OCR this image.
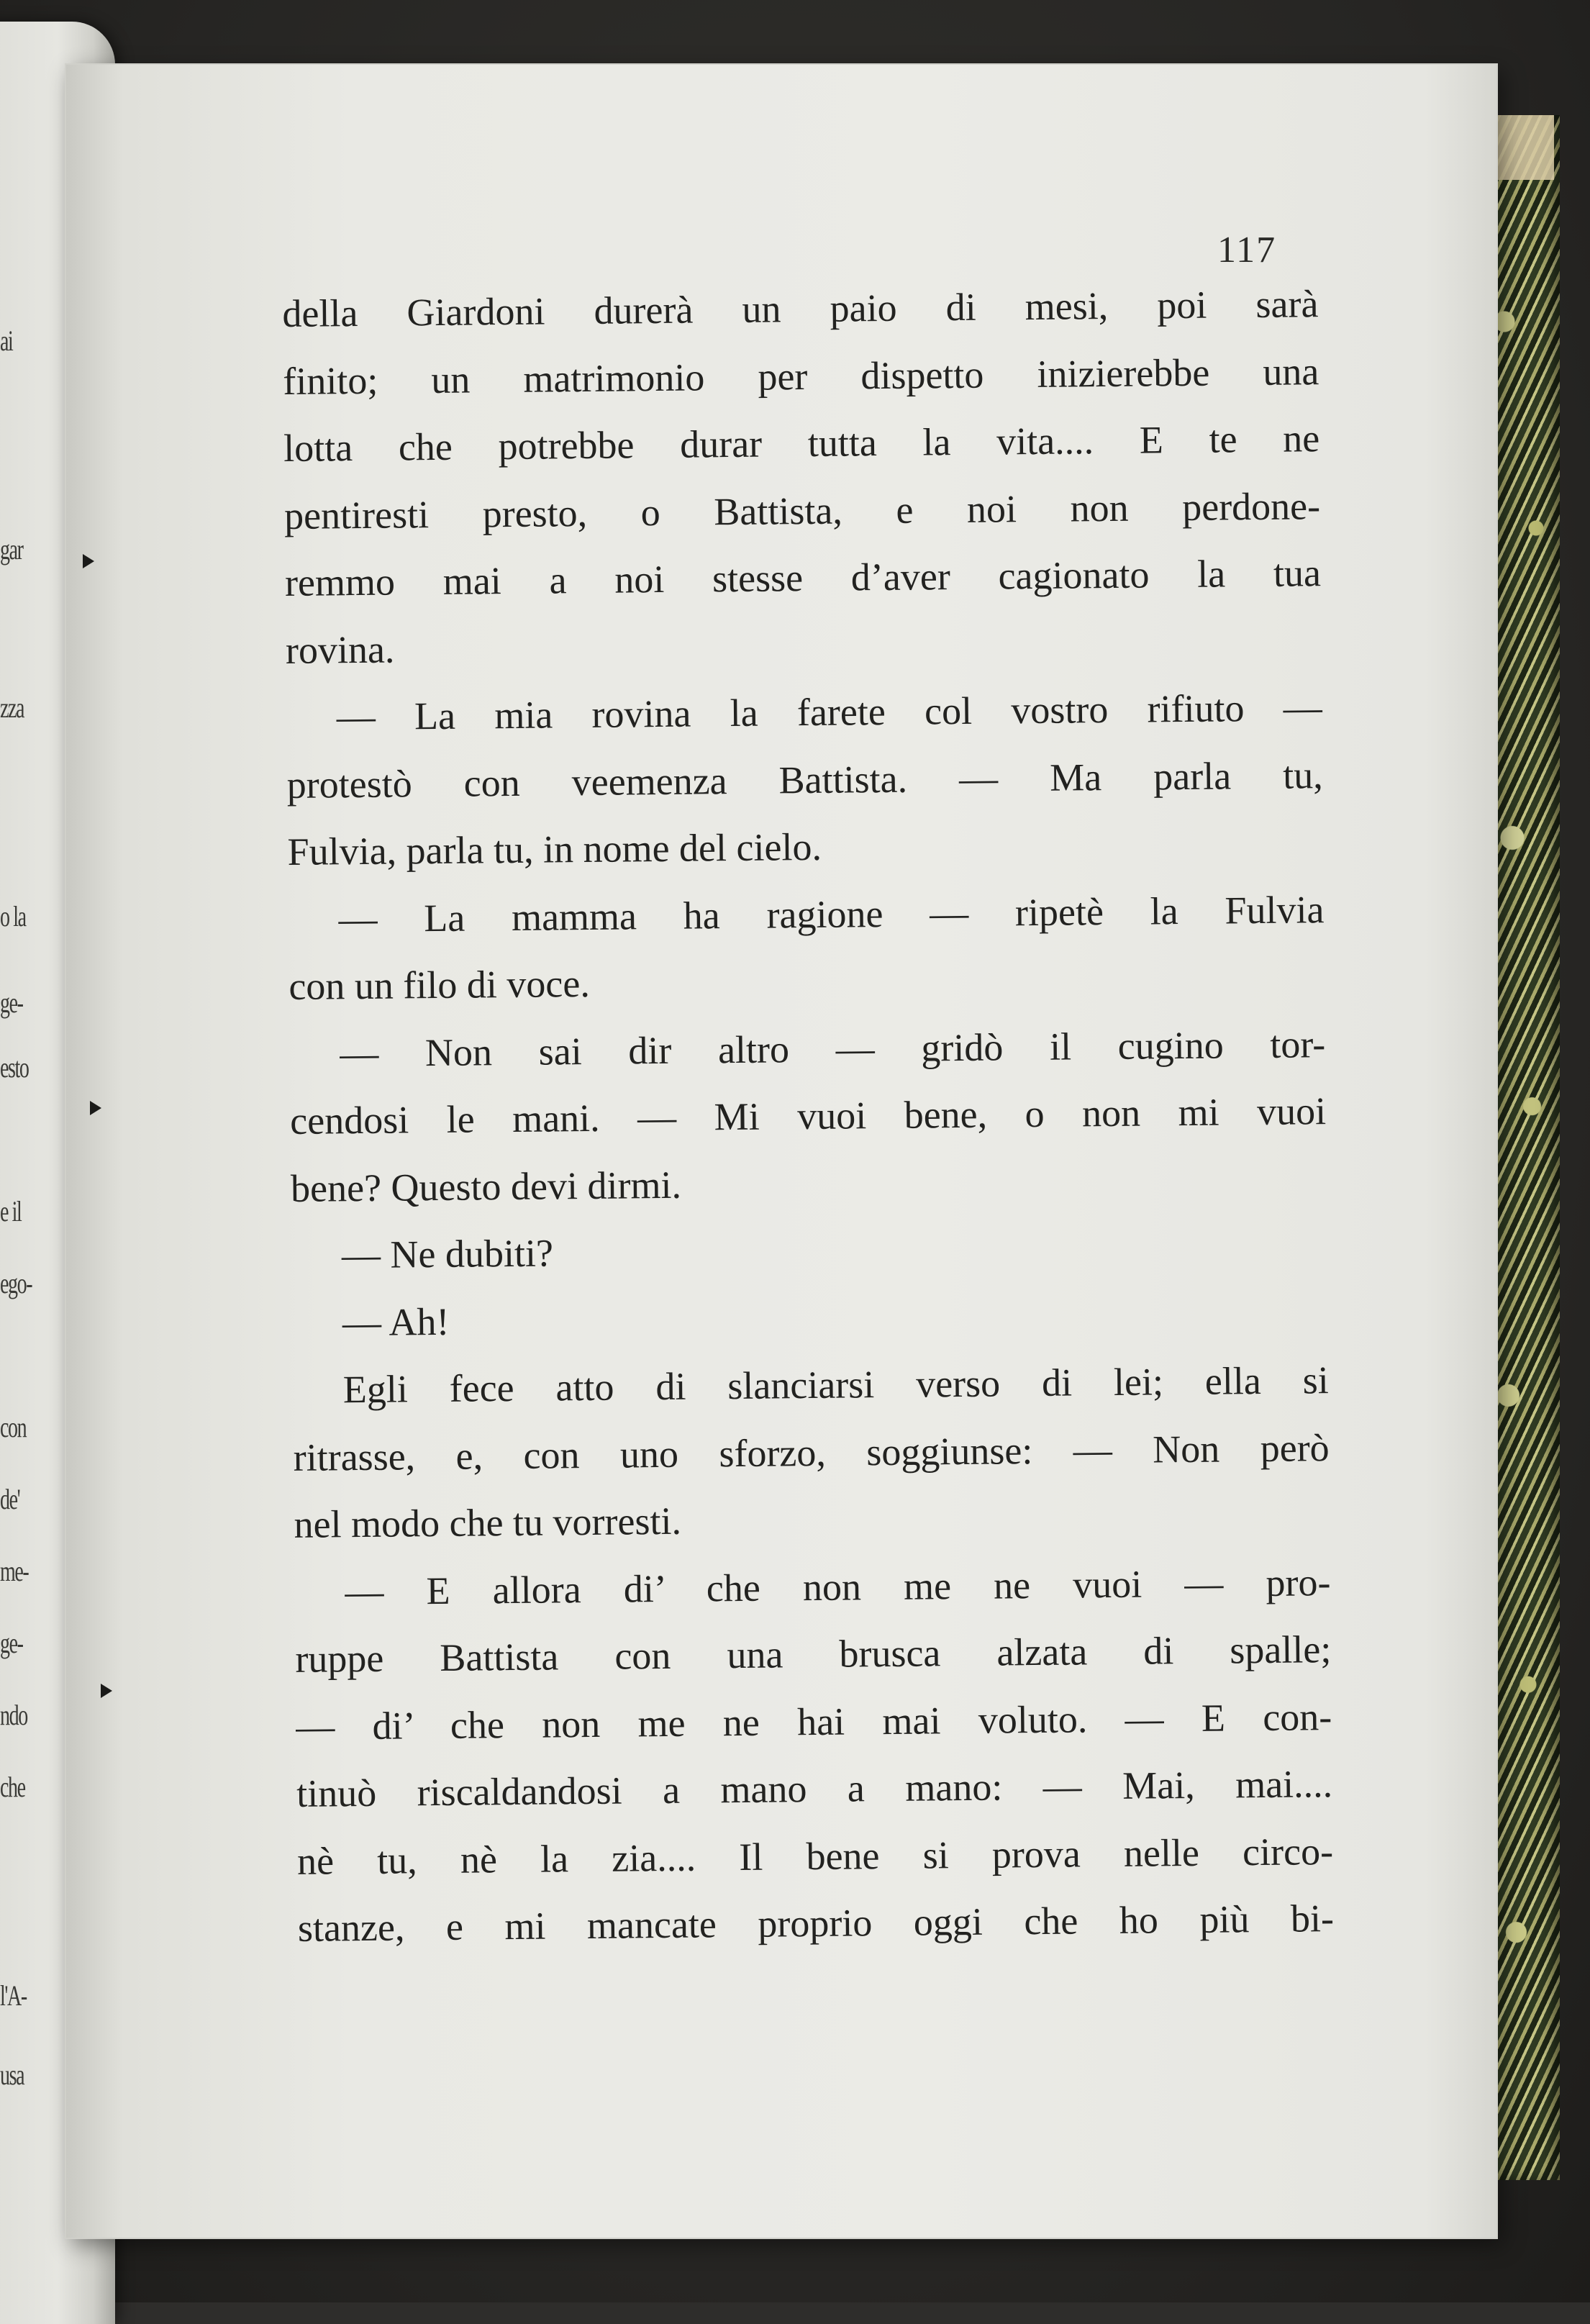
ai
gar
zza
o la
ge-
esto
e il
ego-
con
de'
me-
ge-
ndo
che
l'A-
usa
117
della Giardoni durerà un paio di mesi, poi sarà
finito; un matrimonio per dispetto inizierebbe una
lotta che potrebbe durar tutta la vita.... E te ne
pentiresti presto, o Battista, e noi non perdone-
remmo mai a noi stesse d’aver cagionato la tua
rovina.
— La mia rovina la farete col vostro rifiuto —
protestò con veemenza Battista. — Ma parla tu,
Fulvia, parla tu, in nome del cielo.
— La mamma ha ragione — ripetè la Fulvia
con un filo di voce.
— Non sai dir altro — gridò il cugino tor-
cendosi le mani. — Mi vuoi bene, o non mi vuoi
bene? Questo devi dirmi.
— Ne dubiti?
— Ah!
Egli fece atto di slanciarsi verso di lei; ella si
ritrasse, e, con uno sforzo, soggiunse: — Non però
nel modo che tu vorresti.
— E allora di’ che non me ne vuoi — pro-
ruppe Battista con una brusca alzata di spalle;
— di’ che non me ne hai mai voluto. — E con-
tinuò riscaldandosi a mano a mano: — Mai, mai....
nè tu, nè la zia.... Il bene si prova nelle circo-
stanze, e mi mancate proprio oggi che ho più bi-
